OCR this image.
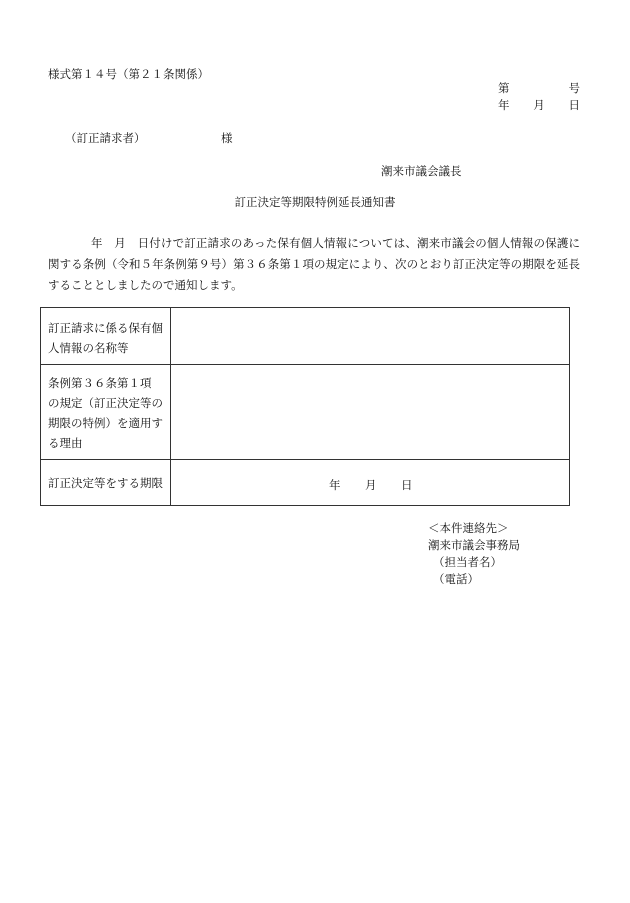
様式第１４号（第２１条関係）
第	号
年 月 日
（訂正請求者）	様
潮来市議会議長
訂正決定等期限特例延長通知書
年　月　日付けで訂正請求のあった保有個人情報については、潮来市議会の個人情報の保護に
関する条例（令和５年条例第９号）第３６条第１項の規定により、次のとおり訂正決定等の期限を延長
することとしましたので通知します。
訂正請求に係る保有個
人情報の名称等	

条例第３６条第１項
の規定（訂正決定等の
期限の特例）を適用す
る理由	

訂正決定等をする期限	年 月 日
＜本件連絡先＞
潮来市議会事務局
（担当者名）
（電話）
